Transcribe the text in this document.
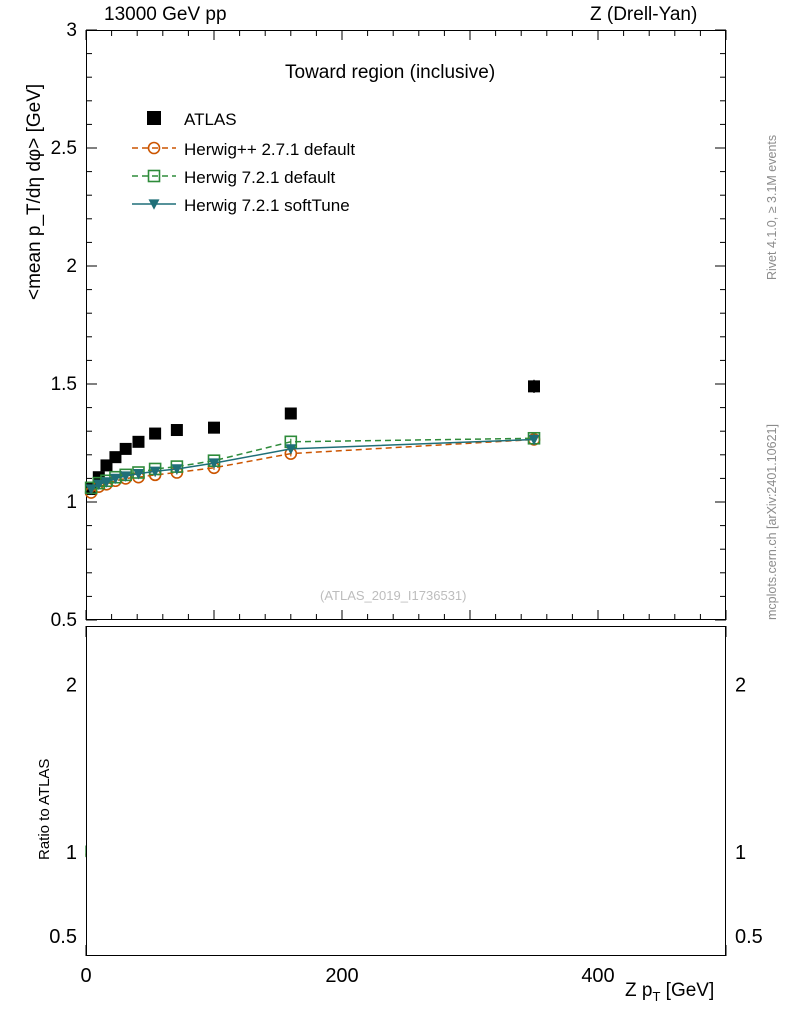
13000 GeV pp	Z (Drell-Yan)
Rivet 4.1.0, ≥ 3.1M events
mcplots.cern.ch [arXiv:2401.10621]
<mean p_T/dη dφ> [GeV]
Toward region (inclusive)
(ATLAS_2019_I1736531)
0.5
1
1.5
2
2.5
3
0.5	0.5
1	1
2	2
0	200	400
Ratio to ATLAS
Z $p_T$ [GeV]
ATLAS
Herwig++ 2.7.1 default
Herwig 7.2.1 default
Herwig 7.2.1 softTune
